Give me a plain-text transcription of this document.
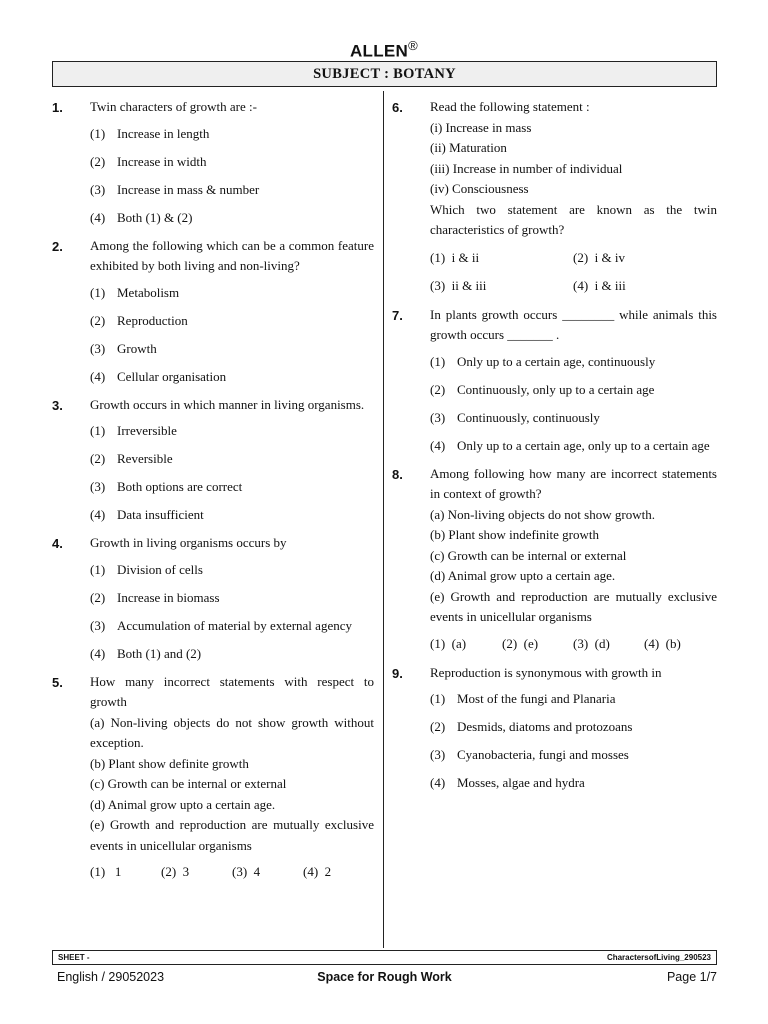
ALLEN®
SUBJECT : BOTANY
1. Twin characters of growth are :-
(1) Increase in length
(2) Increase in width
(3) Increase in mass & number
(4) Both (1) & (2)
2. Among the following which can be a common feature exhibited by both living and non-living?
(1) Metabolism
(2) Reproduction
(3) Growth
(4) Cellular organisation
3. Growth occurs in which manner in living organisms.
(1) Irreversible
(2) Reversible
(3) Both options are correct
(4) Data insufficient
4. Growth in living organisms occurs by
(1) Division of cells
(2) Increase in biomass
(3) Accumulation of material by external agency
(4) Both (1) and (2)
5. How many incorrect statements with respect to growth
(a) Non-living objects do not show growth without exception.
(b) Plant show definite growth
(c) Growth can be internal or external
(d) Animal grow upto a certain age.
(e) Growth and reproduction are mutually exclusive events in unicellular organisms
(1) 1	(2) 3	(3) 4	(4) 2
6. Read the following statement :
(i) Increase in mass
(ii) Maturation
(iii) Increase in number of individual
(iv) Consciousness
Which two statement are known as the twin characteristics of growth?
(1) i & ii	(2) i & iv
(3) ii & iii	(4) i & iii
7. In plants growth occurs ________ while animals this growth occurs _______ .
(1) Only up to a certain age, continuously
(2) Continuously, only up to a certain age
(3) Continuously, continuously
(4) Only up to a certain age, only up to a certain age
8. Among following how many are incorrect statements in context of growth?
(a) Non-living objects do not show growth.
(b) Plant show indefinite growth
(c) Growth can be internal or external
(d) Animal grow upto a certain age.
(e) Growth and reproduction are mutually exclusive events in unicellular organisms
(1) (a)	(2) (e)	(3) (d)	(4) (b)
9. Reproduction is synonymous with growth in
(1) Most of the fungi and Planaria
(2) Desmids, diatoms and protozoans
(3) Cyanobacteria, fungi and mosses
(4) Mosses, algae and hydra
SHEET -	CharactersofLiving_290523
English / 29052023	Space for Rough Work	Page 1/7
